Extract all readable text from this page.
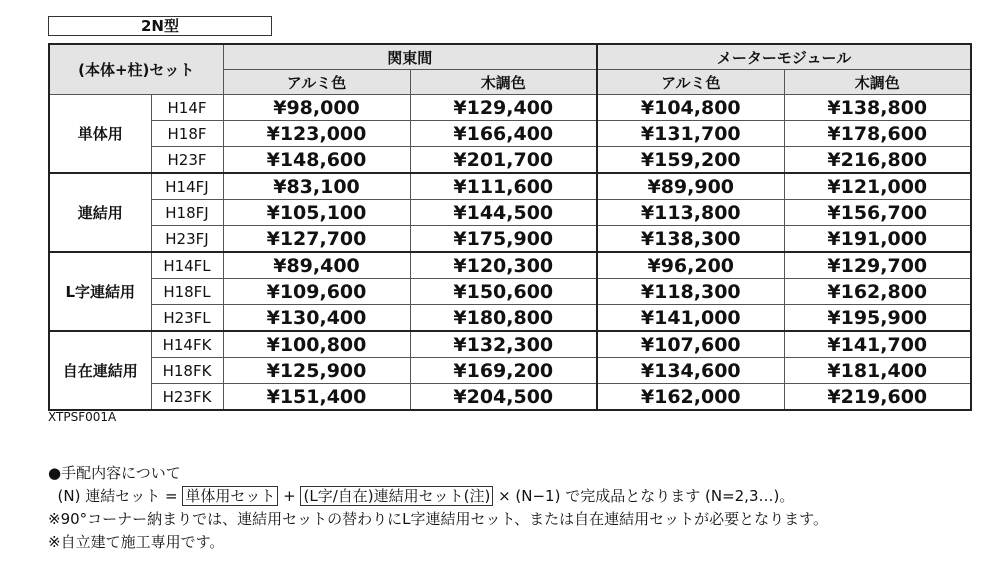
2N型
(本体+柱)セット		関東間		メーターモジュール	
		アルミ色	木調色	アルミ色	木調色
単体用	H14F	¥98,000	¥129,400	¥104,800	¥138,800
	H18F	¥123,000	¥166,400	¥131,700	¥178,600
	H23F	¥148,600	¥201,700	¥159,200	¥216,800
連結用	H14FJ	¥83,100	¥111,600	¥89,900	¥121,000
	H18FJ	¥105,100	¥144,500	¥113,800	¥156,700
	H23FJ	¥127,700	¥175,900	¥138,300	¥191,000
L字連結用	H14FL	¥89,400	¥120,300	¥96,200	¥129,700
	H18FL	¥109,600	¥150,600	¥118,300	¥162,800
	H23FL	¥130,400	¥180,800	¥141,000	¥195,900
自在連結用	H14FK	¥100,800	¥132,300	¥107,600	¥141,700
	H18FK	¥125,900	¥169,200	¥134,600	¥181,400
	H23FK	¥151,400	¥204,500	¥162,000	¥219,600
XTPSF001A
●手配内容について
(N) 連結セット = 単体用セット + (L字/自在)連結用セット(注) × (N−1) で完成品となります (N=2,3…)。
※90°コーナー納まりでは、連結用セットの替わりにL字連結用セット、または自在連結用セットが必要となります。
※自立建て施工専用です。
